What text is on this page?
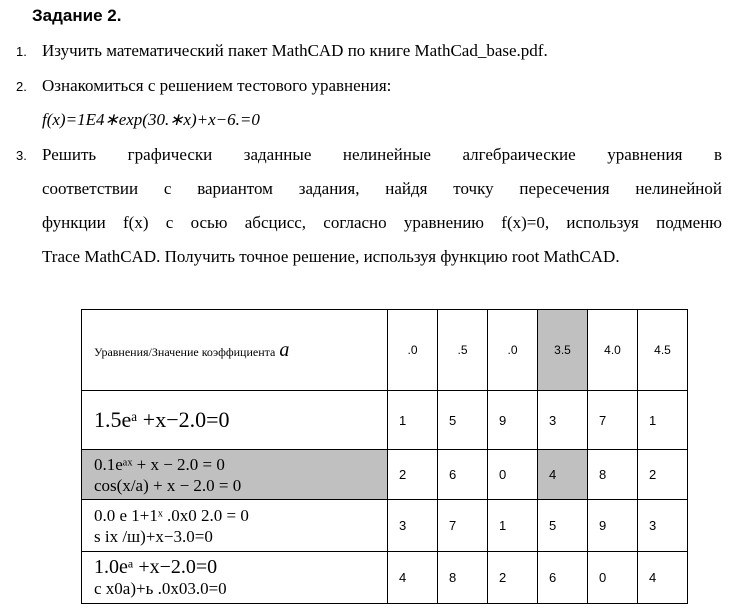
Задание 2.
1. Изучить математический пакет MathCAD по книге MathCad_base.pdf.
2. Ознакомиться с решением тестового уравнения:
f(x)=1E4∗exp(30.∗x)+x−6.=0
3. Решить графически заданные нелинейные алгебраические уравнения в
соответствии с вариантом задания, найдя точку пересечения нелинейной
функции f(x) с осью абсцисс, согласно уравнению f(x)=0, используя подменю
Trace MathCAD. Получить точное решение, используя функцию root MathCAD.
Уравнения/Значение коэффициента a	.0	.5	.0	3.5	4.0	4.5

1.5eᵃ +x−2.0=0	1	5	9	3	7	1

0.1eᵃˣ + x − 2.0 = 0
cos(x/a) + x − 2.0 = 0	2	6	0	4	8	2

0.0 e 1+1ˣ .0x0 2.0 = 0
s ix /ш)+x−3.0=0	3	7	1	5	9	3

1.0eᵃ +x−2.0=0
c x0a)+ь .0x03.0=0	4	8	2	6	0	4
